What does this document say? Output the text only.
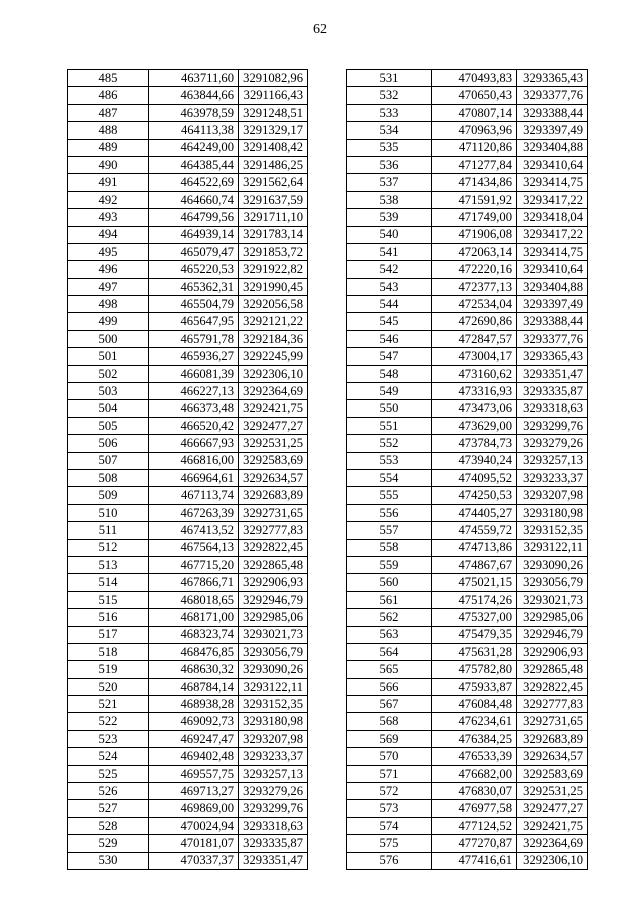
62
485	463711,60	3291082,96
486	463844,66	3291166,43
487	463978,59	3291248,51
488	464113,38	3291329,17
489	464249,00	3291408,42
490	464385,44	3291486,25
491	464522,69	3291562,64
492	464660,74	3291637,59
493	464799,56	3291711,10
494	464939,14	3291783,14
495	465079,47	3291853,72
496	465220,53	3291922,82
497	465362,31	3291990,45
498	465504,79	3292056,58
499	465647,95	3292121,22
500	465791,78	3292184,36
501	465936,27	3292245,99
502	466081,39	3292306,10
503	466227,13	3292364,69
504	466373,48	3292421,75
505	466520,42	3292477,27
506	466667,93	3292531,25
507	466816,00	3292583,69
508	466964,61	3292634,57
509	467113,74	3292683,89
510	467263,39	3292731,65
511	467413,52	3292777,83
512	467564,13	3292822,45
513	467715,20	3292865,48
514	467866,71	3292906,93
515	468018,65	3292946,79
516	468171,00	3292985,06
517	468323,74	3293021,73
518	468476,85	3293056,79
519	468630,32	3293090,26
520	468784,14	3293122,11
521	468938,28	3293152,35
522	469092,73	3293180,98
523	469247,47	3293207,98
524	469402,48	3293233,37
525	469557,75	3293257,13
526	469713,27	3293279,26
527	469869,00	3293299,76
528	470024,94	3293318,63
529	470181,07	3293335,87
530	470337,37	3293351,47
531	470493,83	3293365,43
532	470650,43	3293377,76
533	470807,14	3293388,44
534	470963,96	3293397,49
535	471120,86	3293404,88
536	471277,84	3293410,64
537	471434,86	3293414,75
538	471591,92	3293417,22
539	471749,00	3293418,04
540	471906,08	3293417,22
541	472063,14	3293414,75
542	472220,16	3293410,64
543	472377,13	3293404,88
544	472534,04	3293397,49
545	472690,86	3293388,44
546	472847,57	3293377,76
547	473004,17	3293365,43
548	473160,62	3293351,47
549	473316,93	3293335,87
550	473473,06	3293318,63
551	473629,00	3293299,76
552	473784,73	3293279,26
553	473940,24	3293257,13
554	474095,52	3293233,37
555	474250,53	3293207,98
556	474405,27	3293180,98
557	474559,72	3293152,35
558	474713,86	3293122,11
559	474867,67	3293090,26
560	475021,15	3293056,79
561	475174,26	3293021,73
562	475327,00	3292985,06
563	475479,35	3292946,79
564	475631,28	3292906,93
565	475782,80	3292865,48
566	475933,87	3292822,45
567	476084,48	3292777,83
568	476234,61	3292731,65
569	476384,25	3292683,89
570	476533,39	3292634,57
571	476682,00	3292583,69
572	476830,07	3292531,25
573	476977,58	3292477,27
574	477124,52	3292421,75
575	477270,87	3292364,69
576	477416,61	3292306,10
